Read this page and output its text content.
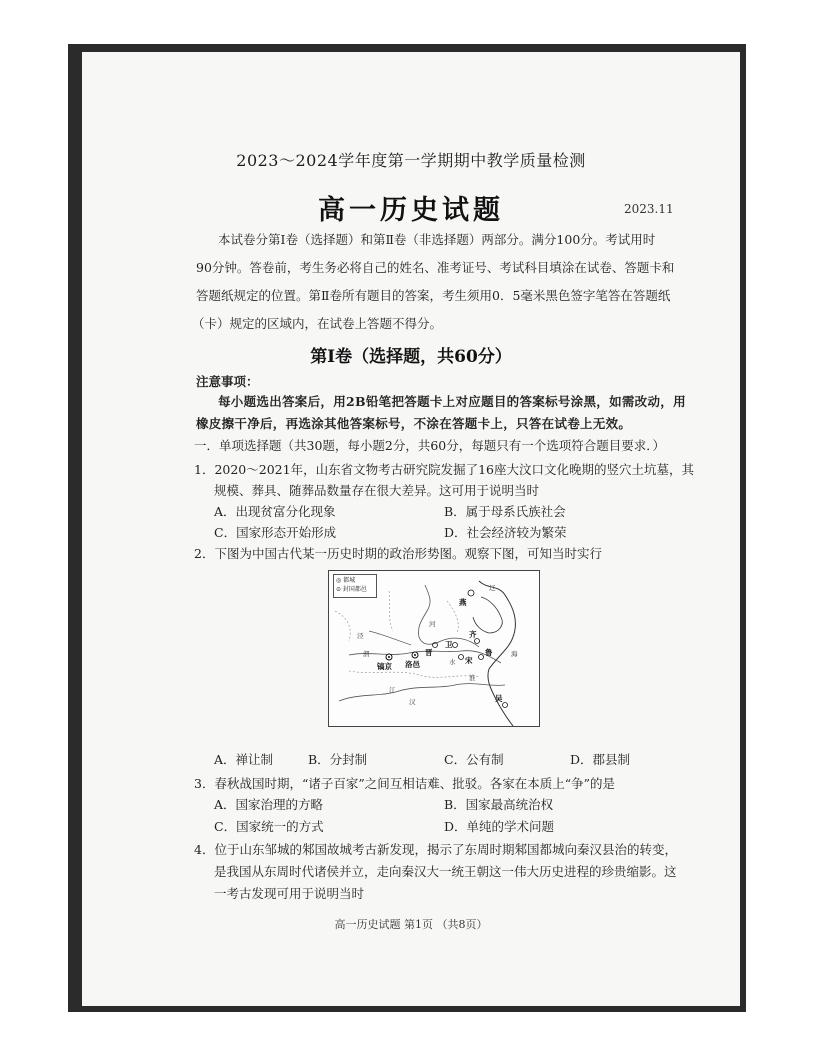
2023～2024学年度第一学期期中教学质量检测
高一历史试题	2023.11
本试卷分第Ⅰ卷（选择题）和第Ⅱ卷（非选择题）两部分。满分100分。考试用时
90分钟。答卷前，考生务必将自己的姓名、准考证号、考试科目填涂在试卷、答题卡和
答题纸规定的位置。第Ⅱ卷所有题目的答案，考生须用0．5毫米黑色签字笔答在答题纸
（卡）规定的区域内，在试卷上答题不得分。
第Ⅰ卷（选择题，共60分）
注意事项：
每小题选出答案后，用2B铅笔把答题卡上对应题目的答案标号涂黑，如需改动，用
橡皮擦干净后，再选涂其他答案标号，不涂在答题卡上，只答在试卷上无效。
一．单项选择题（共30题，每小题2分，共60分，每题只有一个选项符合题目要求．）
1．2020～2021年，山东省文物考古研究院发掘了16座大汶口文化晚期的竖穴土坑墓，其
规模、葬具、随葬品数量存在很大差异。这可用于说明当时
A．出现贫富分化现象	B．属于母系氏族社会
C．国家形态开始形成	D．社会经济较为繁荣
2．下图为中国古代某一历史时期的政治形势图。观察下图，可知当时实行
◎ 都城
⊙ 封国都邑
燕
晋
卫
齐
洛邑	宋
镐京
鲁
吴
河
水
江
渭
泾
海
汉
淮
辽
A．禅让制	B．分封制	C．公有制	D．郡县制
3．春秋战国时期，“诸子百家”之间互相诘难、批驳。各家在本质上“争”的是
A．国家治理的方略	B．国家最高统治权
C．国家统一的方式	D．单纯的学术问题
4．位于山东邹城的邾国故城考古新发现，揭示了东周时期邾国都城向秦汉县治的转变，
是我国从东周时代诸侯并立，走向秦汉大一统王朝这一伟大历史进程的珍贵缩影。这
一考古发现可用于说明当时
高一历史试题 第1页 （共8页）
